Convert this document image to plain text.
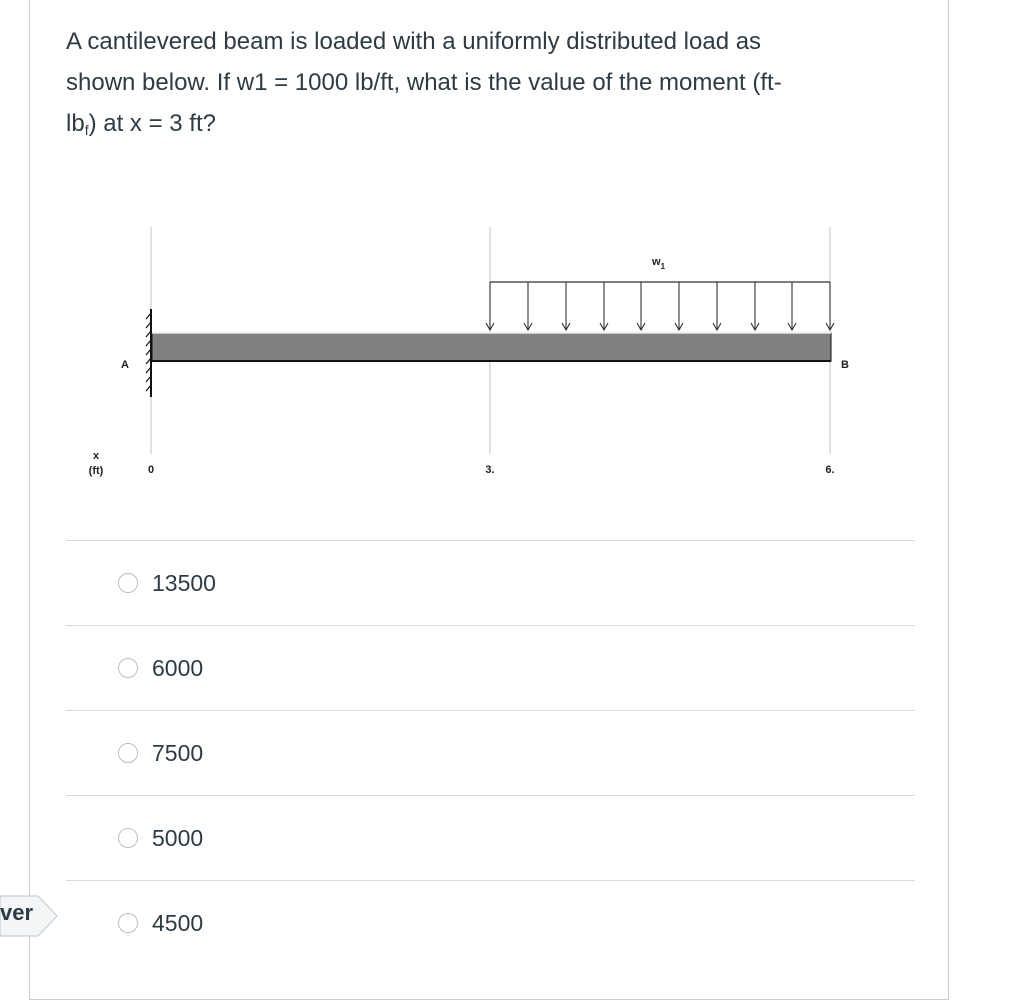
A cantilevered beam is loaded with a uniformly distributed load as
shown below. If w1 = 1000 lb/ft, what is the value of the moment (ft-
$lb_f$) at x = 3 ft?
$w_1$
A	B
x
(ft)	0	3.	6.
13500
6000
7500
5000
4500
ver
